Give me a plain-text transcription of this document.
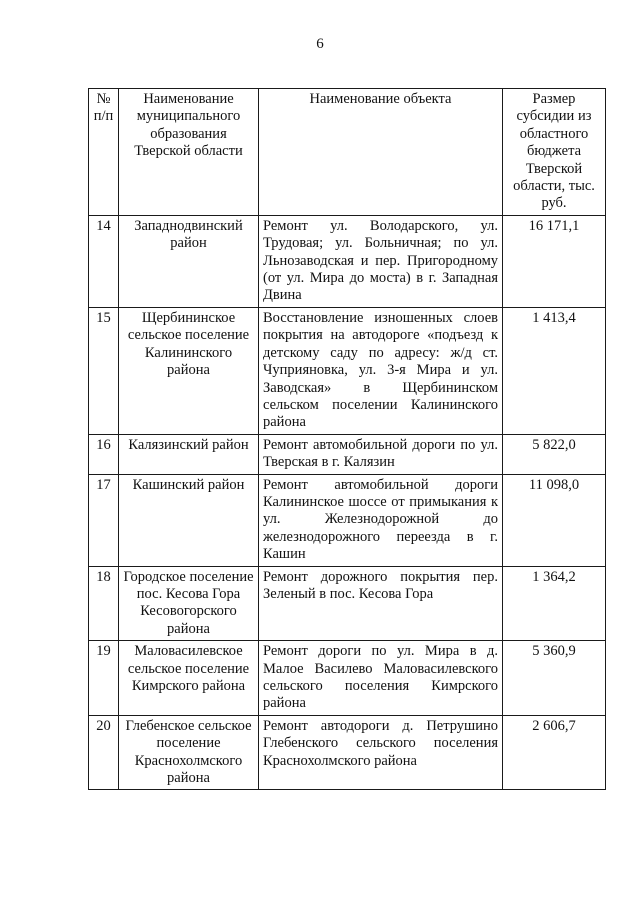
6
№ п/п	Наименование муниципального образования Тверской области	Наименование объекта	Размер субсидии из областного бюджета Тверской области, тыс. руб.
14	Западнодвинский район	Ремонт ул. Володарского, ул. Трудовая; ул. Больничная; по ул. Льнозаводская и пер. Пригородному (от ул. Мира до моста) в г. Западная Двина	16 171,1
15	Щербининское сельское поселение Калининского района	Восстановление изношенных слоев покрытия на автодороге «подъезд к детскому саду по адресу: ж/д ст. Чуприяновка, ул. 3-я Мира и ул. Заводская» в Щербининском сельском поселении Калининского района	1 413,4
16	Калязинский район	Ремонт автомобильной дороги по ул. Тверская в г. Калязин	5 822,0
17	Кашинский район	Ремонт автомобильной дороги Калининское шоссе от примыкания к ул. Железнодорожной до железнодорожного переезда в г. Кашин	11 098,0
18	Городское поселение пос. Кесова Гора Кесовогорского района	Ремонт дорожного покрытия пер. Зеленый в пос. Кесова Гора	1 364,2
19	Маловасилевское сельское поселение Кимрского района	Ремонт дороги по ул. Мира в д. Малое Василево Маловасилевского сельского поселения Кимрского района	5 360,9
20	Глебенское сельское поселение Краснохолмского района	Ремонт автодороги д. Петрушино Глебенского сельского поселения Краснохолмского района	2 606,7
